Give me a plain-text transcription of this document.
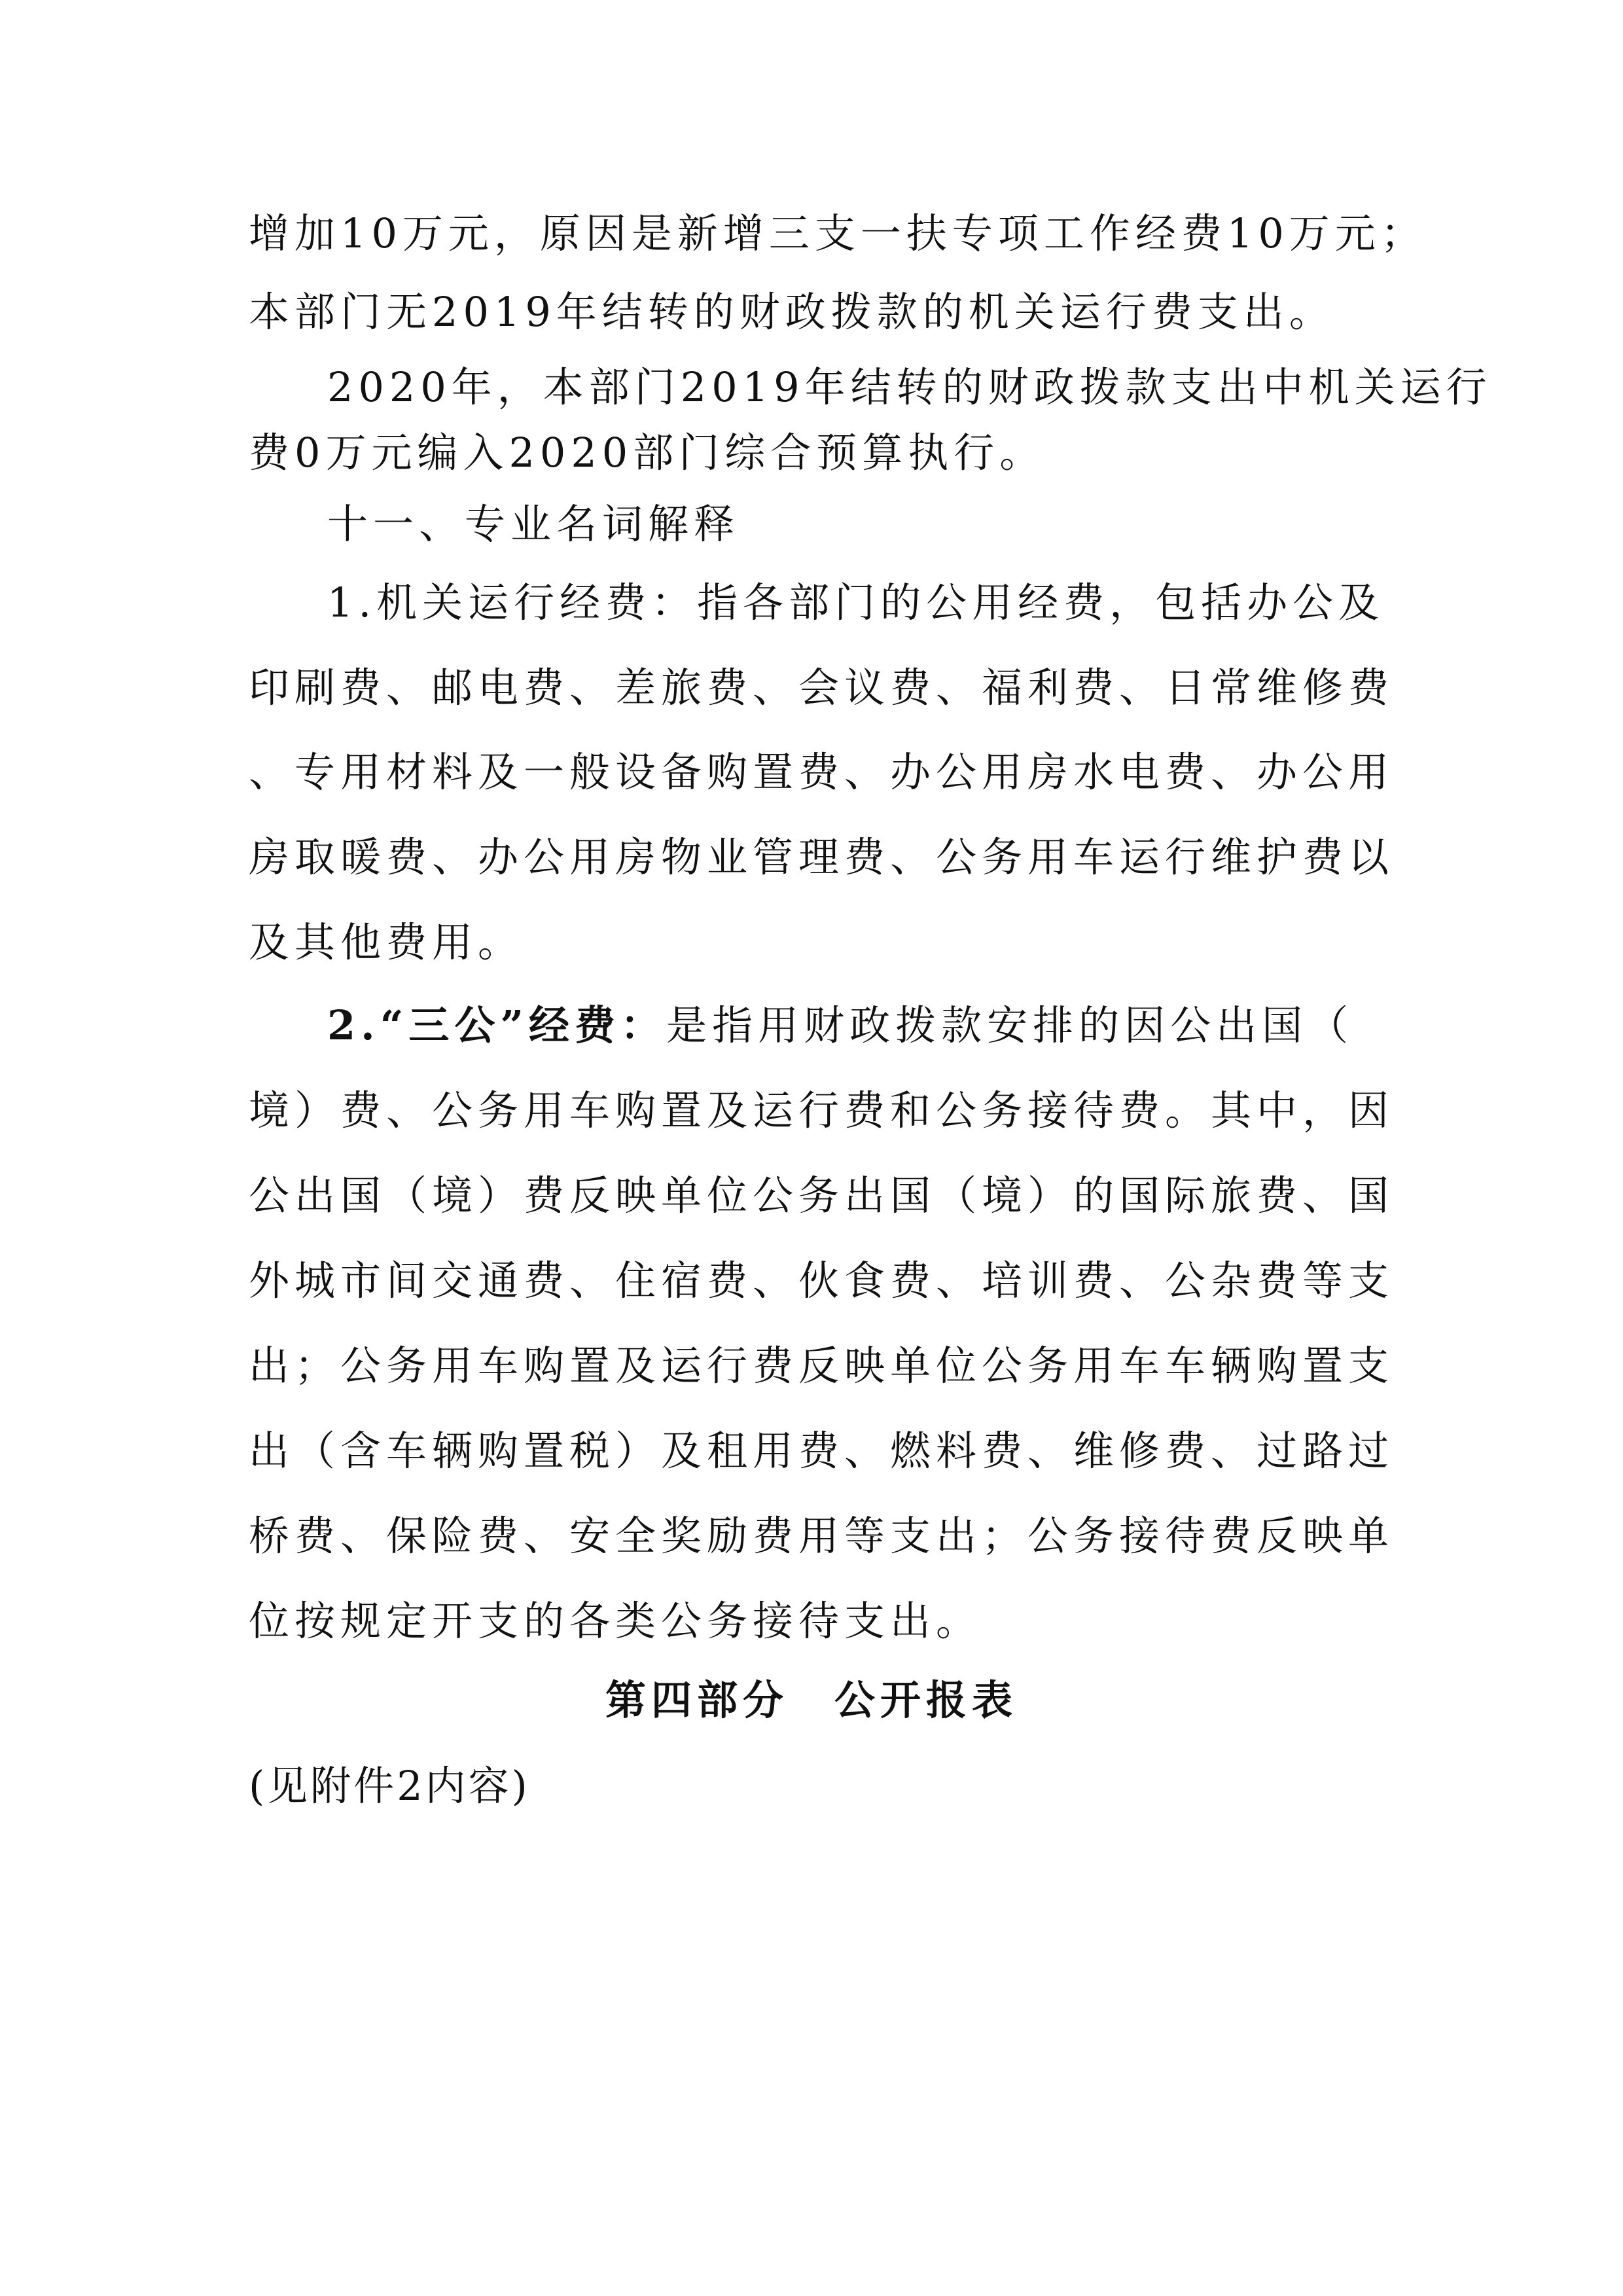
增加10万元，原因是新增三支一扶专项工作经费10万元；
本部门无2019年结转的财政拨款的机关运行费支出。
2020年，本部门2019年结转的财政拨款支出中机关运行
费0万元编入2020部门综合预算执行。
十一、专业名词解释
1.机关运行经费：指各部门的公用经费，包括办公及
印刷费、邮电费、差旅费、会议费、福利费、日常维修费
、专用材料及一般设备购置费、办公用房水电费、办公用
房取暖费、办公用房物业管理费、公务用车运行维护费以
及其他费用。
2.“三公”经费：是指用财政拨款安排的因公出国（
境）费、公务用车购置及运行费和公务接待费。其中，因
公出国（境）费反映单位公务出国（境）的国际旅费、国
外城市间交通费、住宿费、伙食费、培训费、公杂费等支
出；公务用车购置及运行费反映单位公务用车车辆购置支
出（含车辆购置税）及租用费、燃料费、维修费、过路过
桥费、保险费、安全奖励费用等支出；公务接待费反映单
位按规定开支的各类公务接待支出。
第四部分　公开报表
(见附件2内容)
